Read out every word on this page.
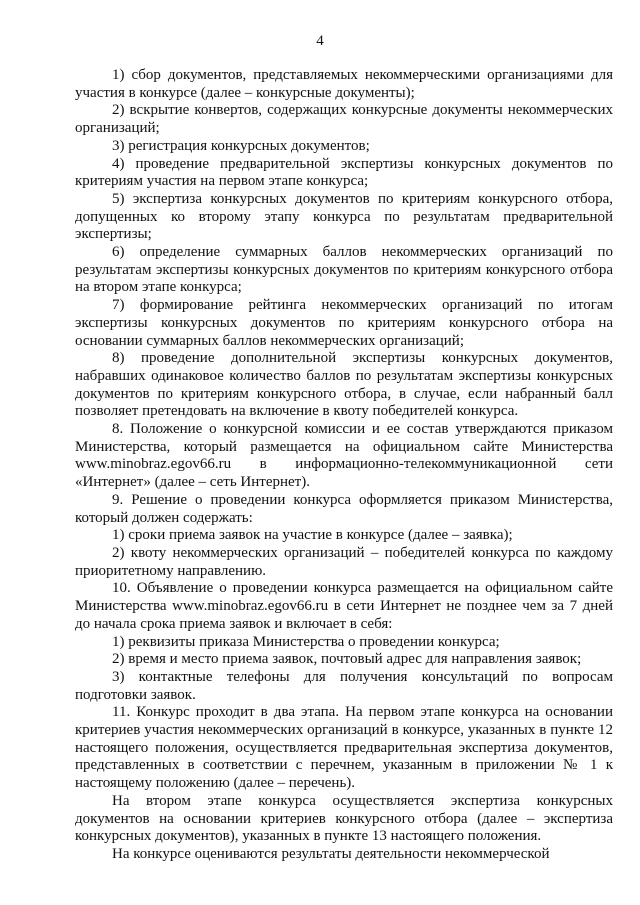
4

1) сбор документов, представляемых некоммерческими организациями для участия в конкурсе (далее – конкурсные документы);

2) вскрытие конвертов, содержащих конкурсные документы некоммерческих организаций;

3) регистрация конкурсных документов;

4) проведение предварительной экспертизы конкурсных документов по критериям участия на первом этапе конкурса;

5) экспертиза конкурсных документов по критериям конкурсного отбора, допущенных ко второму этапу конкурса по результатам предварительной экспертизы;

6) определение суммарных баллов некоммерческих организаций по результатам экспертизы конкурсных документов по критериям конкурсного отбора на втором этапе конкурса;

7) формирование рейтинга некоммерческих организаций по итогам экспертизы конкурсных документов по критериям конкурсного отбора на основании суммарных баллов некоммерческих организаций;

8) проведение дополнительной экспертизы конкурсных документов, набравших одинаковое количество баллов по результатам экспертизы конкурсных документов по критериям конкурсного отбора, в случае, если набранный балл позволяет претендовать на включение в квоту победителей конкурса.

8. Положение о конкурсной комиссии и ее состав утверждаются приказом Министерства, который размещается на официальном сайте Министерства www.minobraz.egov66.ru в информационно-телекоммуникационной сети «Интернет» (далее – сеть Интернет).

9. Решение о проведении конкурса оформляется приказом Министерства, который должен содержать:

1) сроки приема заявок на участие в конкурсе (далее – заявка);

2) квоту некоммерческих организаций – победителей конкурса по каждому приоритетному направлению.

10. Объявление о проведении конкурса размещается на официальном сайте Министерства www.minobraz.egov66.ru в сети Интернет не позднее чем за 7 дней до начала срока приема заявок и включает в себя:

1) реквизиты приказа Министерства о проведении конкурса;

2) время и место приема заявок, почтовый адрес для направления заявок;

3) контактные телефоны для получения консультаций по вопросам подготовки заявок.

11. Конкурс проходит в два этапа. На первом этапе конкурса на основании критериев участия некоммерческих организаций в конкурсе, указанных в пункте 12 настоящего положения, осуществляется предварительная экспертиза документов, представленных в соответствии с перечнем, указанным в приложении № 1 к настоящему положению (далее – перечень).

На втором этапе конкурса осуществляется экспертиза конкурсных документов на основании критериев конкурсного отбора (далее – экспертиза конкурсных документов), указанных в пункте 13 настоящего положения.

На конкурсе оцениваются результаты деятельности некоммерческой
